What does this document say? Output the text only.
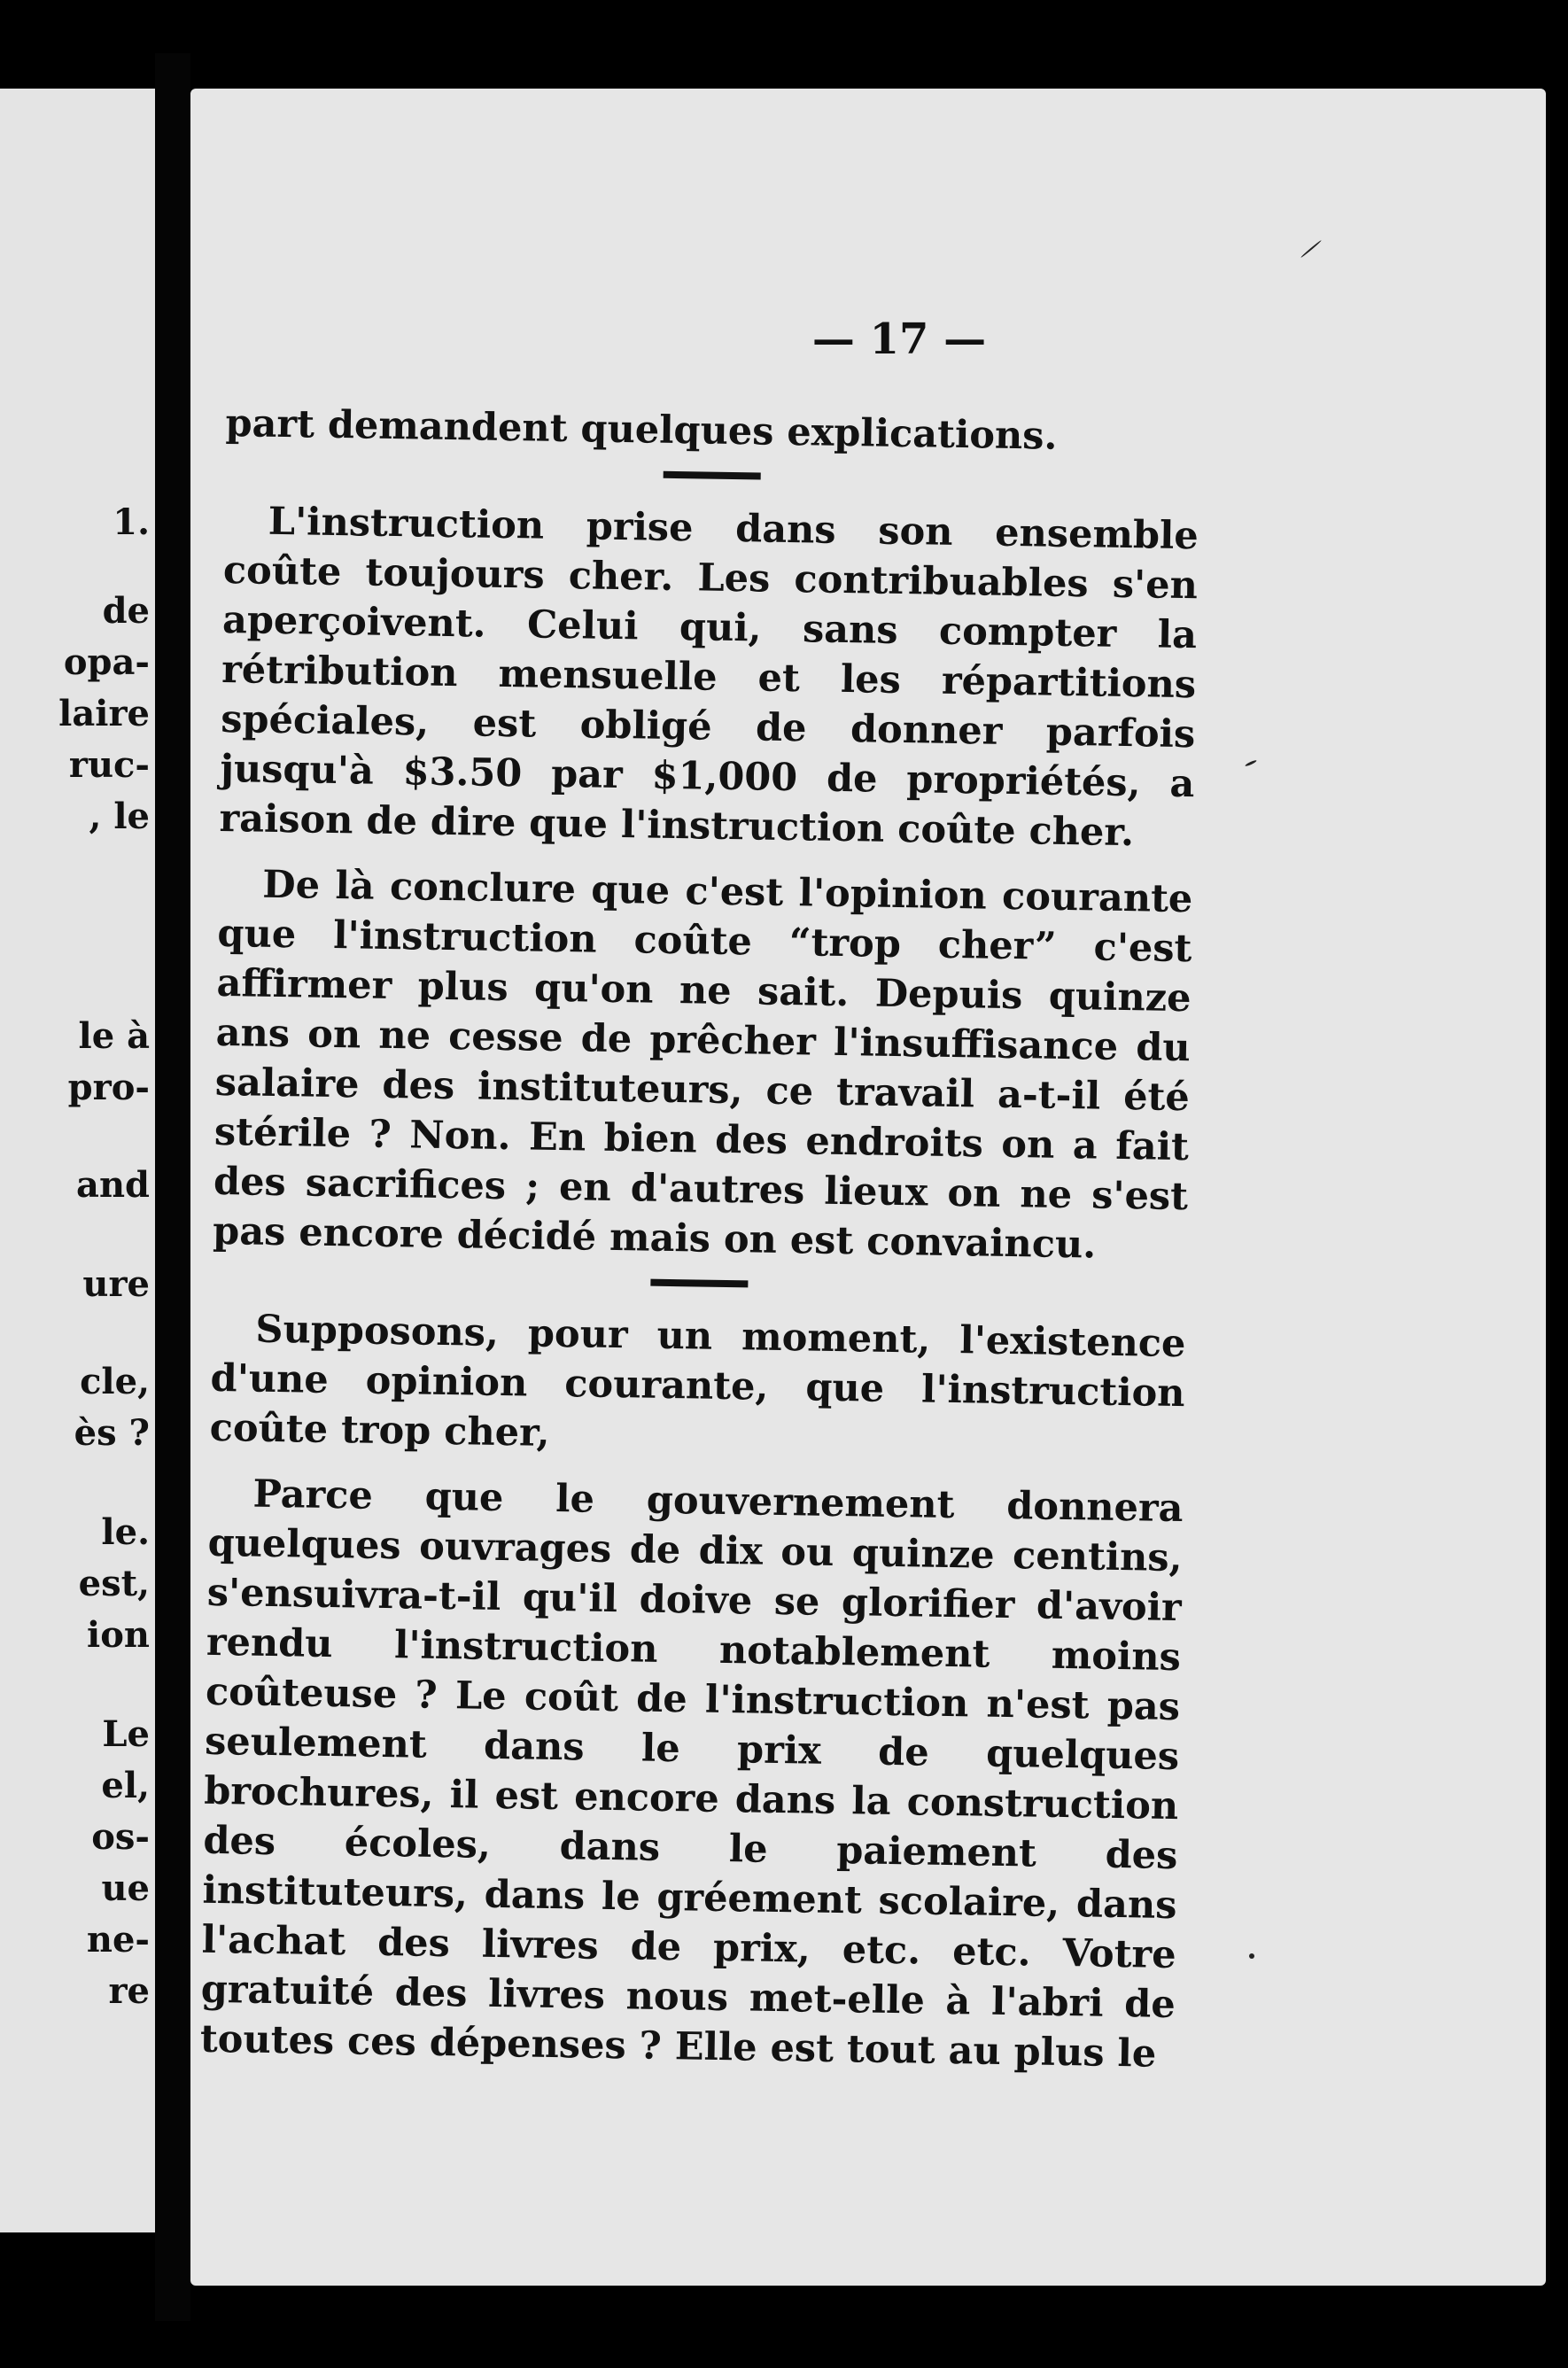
1.
de
opa-
laire
ruc-
, le
le à
pro-
and
ure
cle,
ès ?
le.
est,
ion
Le
el,
os-
ue
ne-
re
— 17 —

part demandent quelques explications.

L'instruction prise dans son ensemble coûte toujours cher. Les contribuables s'en aperçoivent. Celui qui, sans compter la rétribution mensuelle et les répartitions spéciales, est obligé de donner parfois jusqu'à $3.50 par $1,000 de propriétés, a raison de dire que l'instruction coûte cher.

De là conclure que c'est l'opinion courante que l'instruction coûte “trop cher” c'est affirmer plus qu'on ne sait. Depuis quinze ans on ne cesse de prêcher l'insuffisance du salaire des instituteurs, ce travail a-t-il été stérile ? Non. En bien des endroits on a fait des sacrifices ; en d'autres lieux on ne s'est pas encore décidé mais on est convaincu.

Supposons, pour un moment, l'existence d'une opinion courante, que l'instruction coûte trop cher,

Parce que le gouvernement donnera quelques ouvrages de dix ou quinze centins, s'ensuivra-t-il qu'il doive se glorifier d'avoir rendu l'instruction notablement moins coûteuse ? Le coût de l'instruction n'est pas seulement dans le prix de quelques brochures, il est encore dans la construction des écoles, dans le paiement des instituteurs, dans le gréement scolaire, dans l'achat des livres de prix, etc. etc. Votre gratuité des livres nous met-elle à l'abri de toutes ces dépenses ? Elle est tout au plus le
